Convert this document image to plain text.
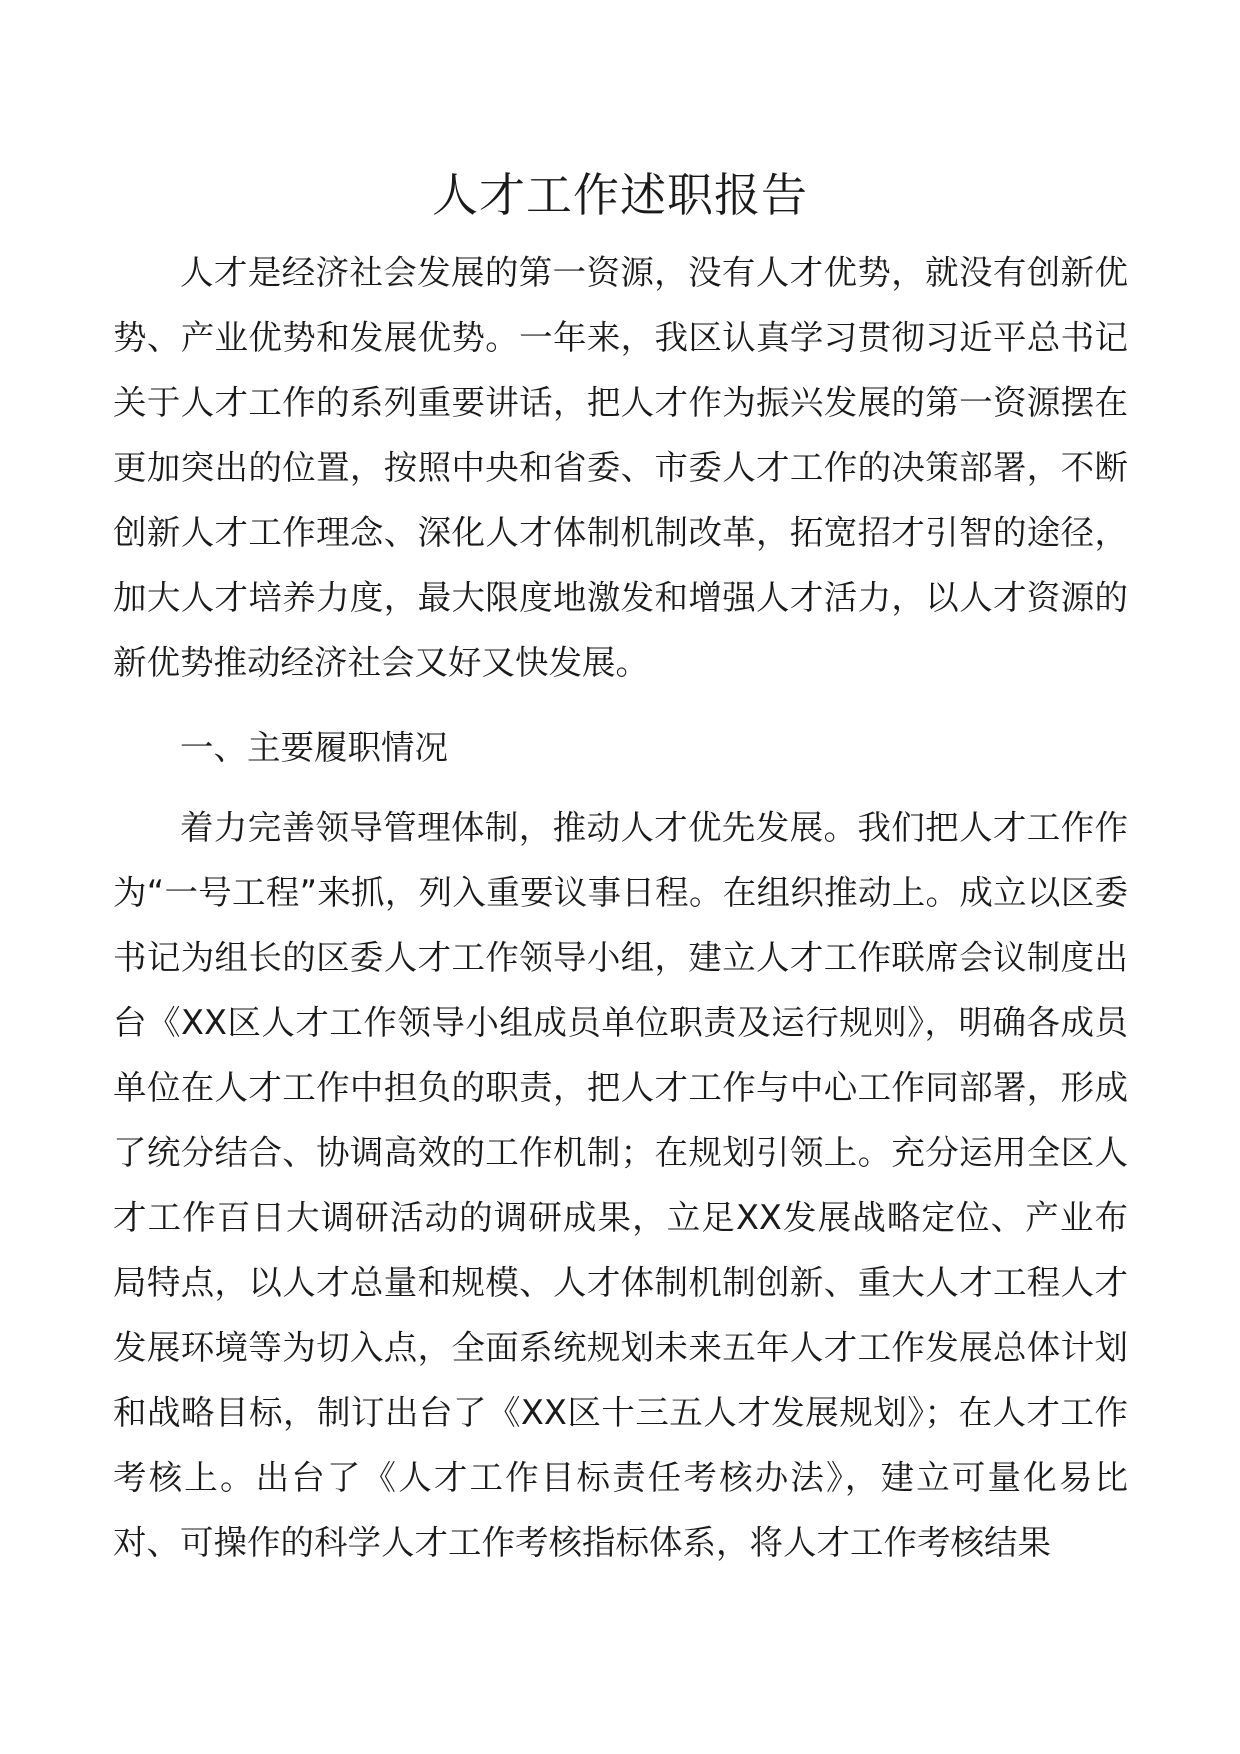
人才工作述职报告

人才是经济社会发展的第一资源，没有人才优势，就没有创新优势、产业优势和发展优势。一年来，我区认真学习贯彻习近平总书记关于人才工作的系列重要讲话，把人才作为振兴发展的第一资源摆在更加突出的位置，按照中央和省委、市委人才工作的决策部署，不断创新人才工作理念、深化人才体制机制改革，拓宽招才引智的途径，加大人才培养力度，最大限度地激发和增强人才活力，以人才资源的新优势推动经济社会又好又快发展。

一、主要履职情况

着力完善领导管理体制，推动人才优先发展。我们把人才工作作为“一号工程”来抓，列入重要议事日程。在组织推动上。成立以区委书记为组长的区委人才工作领导小组，建立人才工作联席会议制度出台《XX区人才工作领导小组成员单位职责及运行规则》，明确各成员单位在人才工作中担负的职责，把人才工作与中心工作同部署，形成了统分结合、协调高效的工作机制；在规划引领上。充分运用全区人才工作百日大调研活动的调研成果，立足XX发展战略定位、产业布局特点，以人才总量和规模、人才体制机制创新、重大人才工程人才发展环境等为切入点，全面系统规划未来五年人才工作发展总体计划和战略目标，制订出台了《XX区十三五人才发展规划》；在人才工作考核上。出台了《人才工作目标责任考核办法》，建立可量化易比对、可操作的科学人才工作考核指标体系，将人才工作考核结果
